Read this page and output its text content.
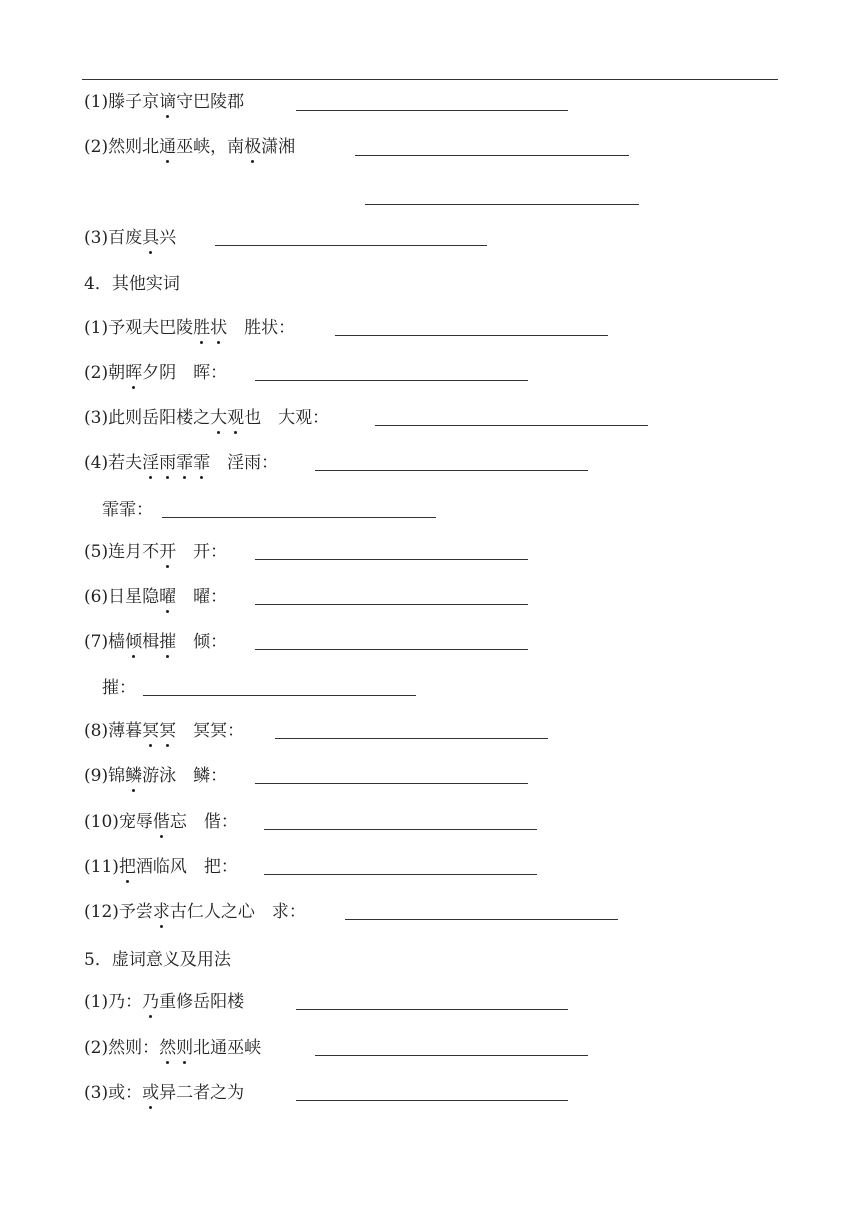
(1)滕子京谪守巴陵郡
(2)然则北通巫峡，南极潇湘
(3)百废具兴
4．其他实词
(1)予观夫巴陵胜状　胜状：
(2)朝晖夕阴　晖：
(3)此则岳阳楼之大观也　大观：
(4)若夫淫雨霏霏　淫雨：
霏霏：
(5)连月不开　开：
(6)日星隐曜　曜：
(7)樯倾楫摧　倾：
摧：
(8)薄暮冥冥　冥冥：
(9)锦鳞游泳　鳞：
(10)宠辱偕忘　偕：
(11)把酒临风　把：
(12)予尝求古仁人之心　求：
5．虚词意义及用法
(1)乃：乃重修岳阳楼
(2)然则：然则北通巫峡
(3)或：或异二者之为
